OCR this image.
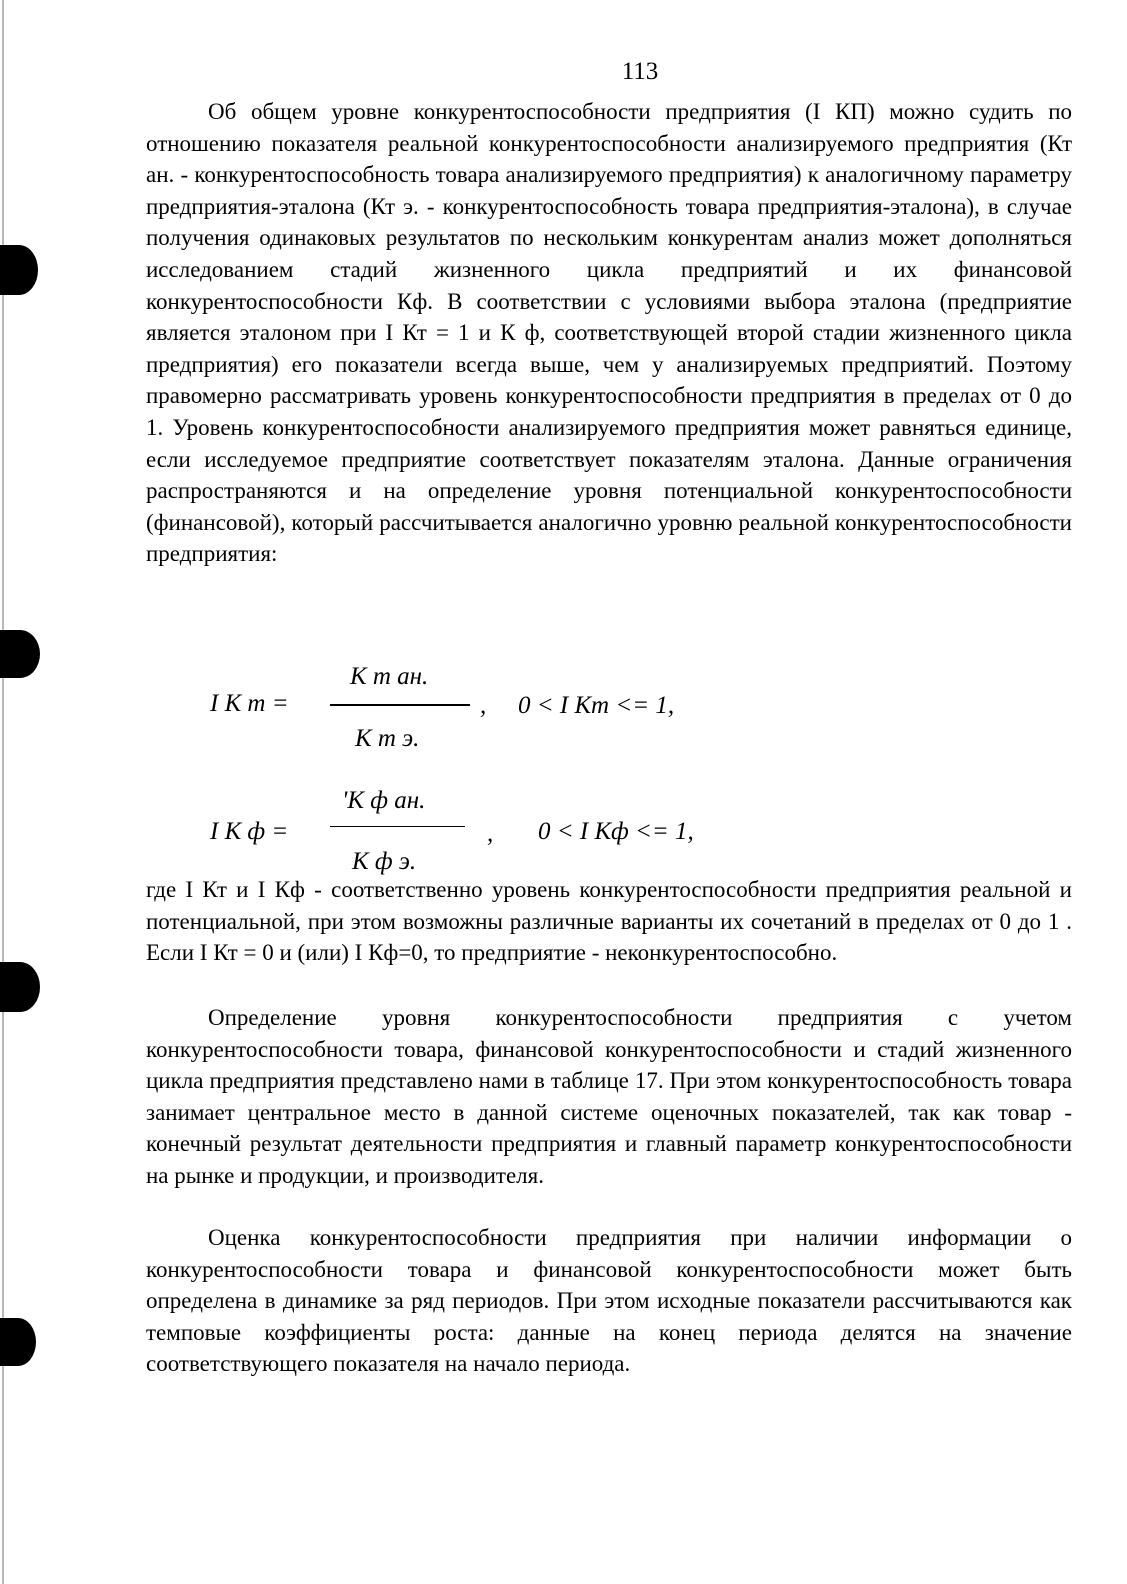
113
Об общем уровне конкурентоспособности предприятия (I КП) можно судить по отношению показателя реальной конкурентоспособности анализируемого предприятия (Кт ан. - конкурентоспособность товара анализируемого предприятия) к аналогичному параметру предприятия-эталона (Кт э. - конкурентоспособность товара предприятия-эталона), в случае получения одинаковых результатов по нескольким конкурентам анализ может дополняться исследованием стадий жизненного цикла предприятий и их финансовой конкурентоспособности Кф. В соответствии с условиями выбора эталона (предприятие является эталоном при I Кт = 1 и К ф, соответствующей второй стадии жизненного цикла предприятия) его показатели всегда выше, чем у анализируемых предприятий. Поэтому правомерно рассматривать уровень конкурентоспособности предприятия в пределах от 0 до 1. Уровень конкурентоспособности анализируемого предприятия может равняться единице, если исследуемое предприятие соответствует показателям эталона. Данные ограничения распространяются и на определение уровня потенциальной конкурентоспособности (финансовой), который рассчитывается аналогично уровню реальной конкурентоспособности предприятия:
I К т =
К т ан.
К т э.
, 0 < I Кт <= 1,
I К ф =
'К ф ан.
К ф э.
, 0 < I Кф <= 1,
где I Кт и I Кф - соответственно уровень конкурентоспособности предприятия реальной и потенциальной, при этом возможны различные варианты их сочетаний в пределах от 0 до 1 . Если I Кт = 0 и (или) I Кф=0, то предприятие - неконкурентоспособно.
Определение уровня конкурентоспособности предприятия с учетом конкурентоспособности товара, финансовой конкурентоспособности и стадий жизненного цикла предприятия представлено нами в таблице 17. При этом конкурентоспособность товара занимает центральное место в данной системе оценочных показателей, так как товар - конечный результат деятельности предприятия и главный параметр конкурентоспособности на рынке и продукции, и производителя.
Оценка конкурентоспособности предприятия при наличии информации о конкурентоспособности товара и финансовой конкурентоспособности может быть определена в динамике за ряд периодов. При этом исходные показатели рассчитываются как темповые коэффициенты роста: данные на конец периода делятся на значение соответствующего показателя на начало периода.
